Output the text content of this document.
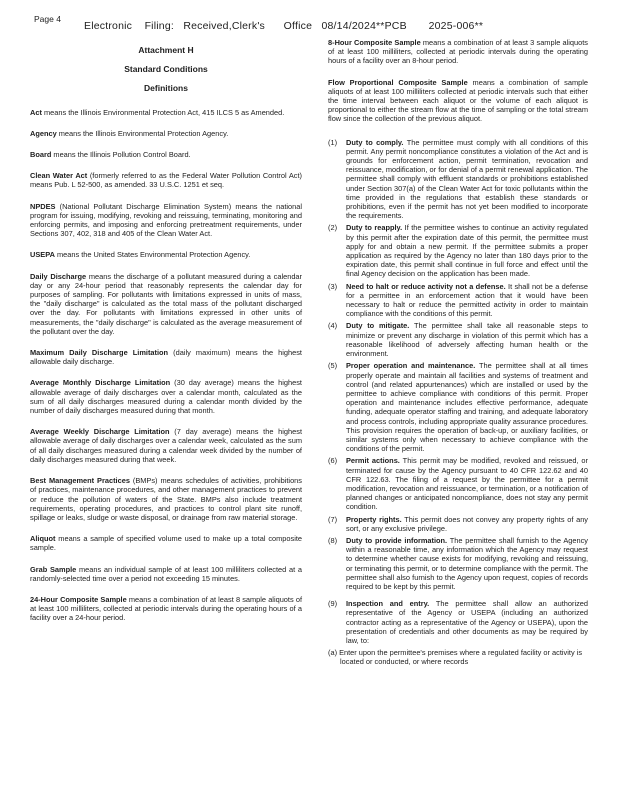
Page 4
Electronic    Filing:   Received,Clerk's      Office   08/14/2024**PCB       2025-006**
Attachment H
Standard Conditions
Definitions

Act means the Illinois Environmental Protection Act, 415 ILCS 5 as Amended.

Agency means the Illinois Environmental Protection Agency.

Board means the Illinois Pollution Control Board.

Clean Water Act (formerly referred to as the Federal Water Pollution Control Act) means Pub. L 52-500, as amended. 33 U.S.C. 1251 et seq.

NPDES (National Pollutant Discharge Elimination System) means the national program for issuing, modifying, revoking and reissuing, terminating, monitoring and enforcing permits, and imposing and enforcing pretreatment requirements, under Sections 307, 402, 318 and 405 of the Clean Water Act.

USEPA means the United States Environmental Protection Agency.

Daily Discharge means the discharge of a pollutant measured during a calendar day or any 24-hour period that reasonably represents the calendar day for purposes of sampling. For pollutants with limitations expressed in units of mass, the "daily discharge" is calculated as the total mass of the pollutant discharged over the day. For pollutants with limitations expressed in other units of measurements, the "daily discharge" is calculated as the average measurement of the pollutant over the day.

Maximum Daily Discharge Limitation (daily maximum) means the highest allowable daily discharge.

Average Monthly Discharge Limitation (30 day average) means the highest allowable average of daily discharges over a calendar month, calculated as the sum of all daily discharges measured during a calendar month divided by the number of daily discharges measured during that month.

Average Weekly Discharge Limitation (7 day average) means the highest allowable average of daily discharges over a calendar week, calculated as the sum of all daily discharges measured during a calendar week divided by the number of daily discharges measured during that week.

Best Management Practices (BMPs) means schedules of activities, prohibitions of practices, maintenance procedures, and other management practices to prevent or reduce the pollution of waters of the State. BMPs also include treatment requirements, operating procedures, and practices to control plant site runoff, spillage or leaks, sludge or waste disposal, or drainage from raw material storage.

Aliquot means a sample of specified volume used to make up a total composite sample.

Grab Sample means an individual sample of at least 100 milliliters collected at a randomly-selected time over a period not exceeding 15 minutes.

24-Hour Composite Sample means a combination of at least 8 sample aliquots of at least 100 milliliters, collected at periodic intervals during the operating hours of a facility over a 24-hour period.

8-Hour Composite Sample means a combination of at least 3 sample aliquots of at least 100 milliliters, collected at periodic intervals during the operating hours of a facility over an 8-hour period.

Flow Proportional Composite Sample means a combination of sample aliquots of at least 100 milliliters collected at periodic intervals such that either the time interval between each aliquot or the volume of each aliquot is proportional to either the stream flow at the time of sampling or the total stream flow since the collection of the previous aliquot.

(1) Duty to comply. The permittee must comply with all conditions of this permit. Any permit noncompliance constitutes a violation of the Act and is grounds for enforcement action, permit termination, revocation and reissuance, modification, or for denial of a permit renewal application. The permittee shall comply with effluent standards or prohibitions established under Section 307(a) of the Clean Water Act for toxic pollutants within the time provided in the regulations that establish these standards or prohibitions, even if the permit has not yet been modified to incorporate the requirements.
(2) Duty to reapply. If the permittee wishes to continue an activity regulated by this permit after the expiration date of this permit, the permittee must apply for and obtain a new permit. If the permittee submits a proper application as required by the Agency no later than 180 days prior to the expiration date, this permit shall continue in full force and effect until the final Agency decision on the application has been made.
(3) Need to halt or reduce activity not a defense. It shall not be a defense for a permittee in an enforcement action that it would have been necessary to halt or reduce the permitted activity in order to maintain compliance with the conditions of this permit.
(4) Duty to mitigate. The permittee shall take all reasonable steps to minimize or prevent any discharge in violation of this permit which has a reasonable likelihood of adversely affecting human health or the environment.
(5) Proper operation and maintenance. The permittee shall at all times properly operate and maintain all facilities and systems of treatment and control (and related appurtenances) which are installed or used by the permittee to achieve compliance with conditions of this permit. Proper operation and maintenance includes effective performance, adequate funding, adequate operator staffing and training, and adequate laboratory and process controls, including appropriate quality assurance procedures. This provision requires the operation of back-up, or auxiliary facilities, or similar systems only when necessary to achieve compliance with the conditions of the permit.
(6) Permit actions. This permit may be modified, revoked and reissued, or terminated for cause by the Agency pursuant to 40 CFR 122.62 and 40 CFR 122.63. The filing of a request by the permittee for a permit modification, revocation and reissuance, or termination, or a notification of planned changes or anticipated noncompliance, does not stay any permit condition.
(7) Property rights. This permit does not convey any property rights of any sort, or any exclusive privilege.
(8) Duty to provide information. The permittee shall furnish to the Agency within a reasonable time, any information which the Agency may request to determine whether cause exists for modifying, revoking and reissuing, or terminating this permit, or to determine compliance with the permit. The permittee shall also furnish to the Agency upon request, copies of records required to be kept by this permit.
(9) Inspection and entry. The permittee shall allow an authorized representative of the Agency or USEPA (including an authorized contractor acting as a representative of the Agency or USEPA), upon the presentation of credentials and other documents as may be required by law, to:
(a) Enter upon the permittee's premises where a regulated facility or activity is located or conducted, or where records
